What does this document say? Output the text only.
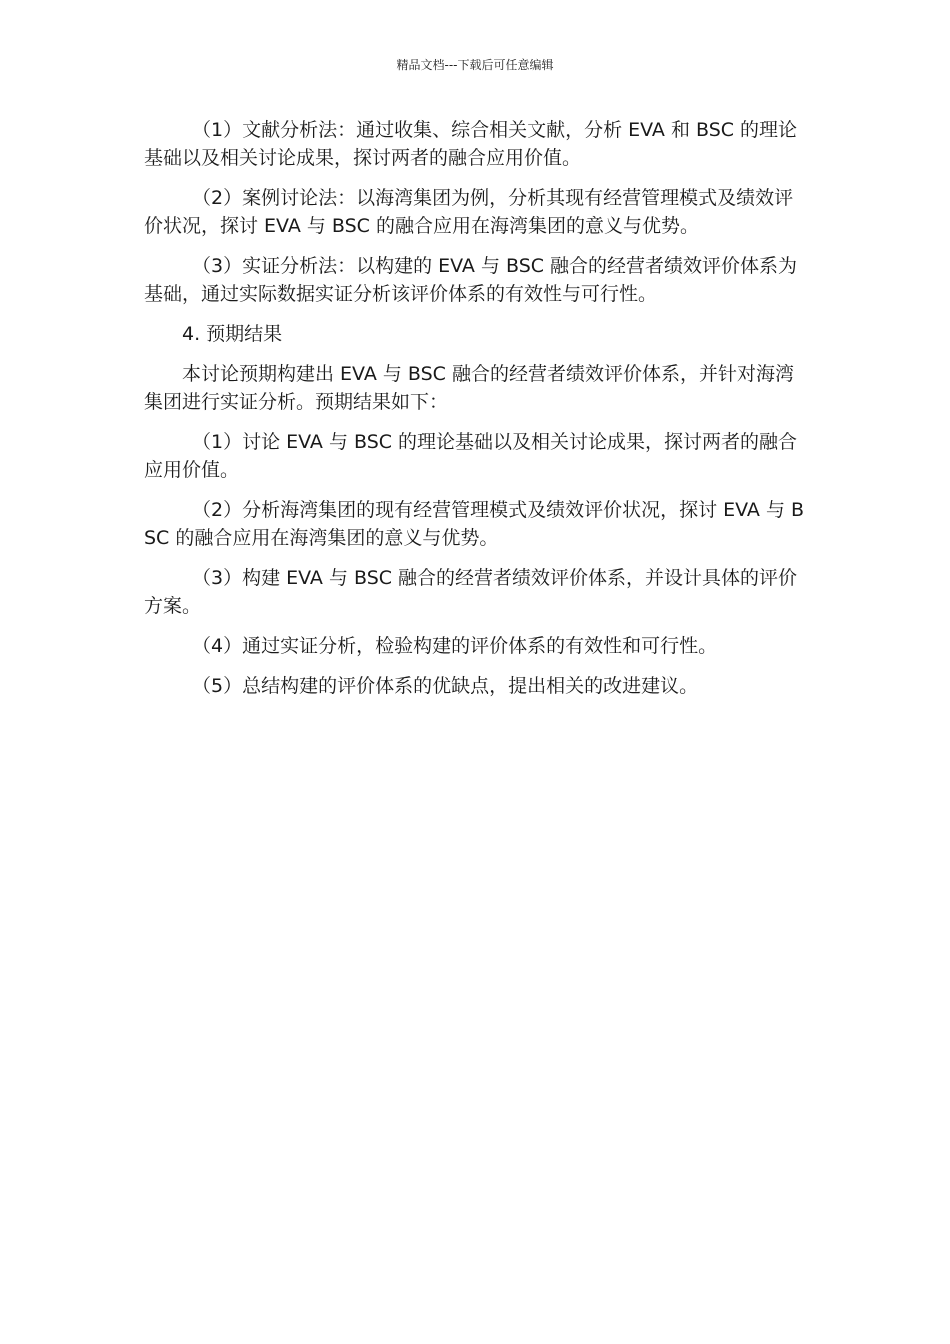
精品文档---下载后可任意编辑

（1）文献分析法：通过收集、综合相关文献，分析 EVA 和 BSC 的理论基础以及相关讨论成果，探讨两者的融合应用价值。

（2）案例讨论法：以海湾集团为例，分析其现有经营管理模式及绩效评价状况，探讨 EVA 与 BSC 的融合应用在海湾集团的意义与优势。

（3）实证分析法：以构建的 EVA 与 BSC 融合的经营者绩效评价体系为基础，通过实际数据实证分析该评价体系的有效性与可行性。

4. 预期结果

本讨论预期构建出 EVA 与 BSC 融合的经营者绩效评价体系，并针对海湾集团进行实证分析。预期结果如下：

（1）讨论 EVA 与 BSC 的理论基础以及相关讨论成果，探讨两者的融合应用价值。

（2）分析海湾集团的现有经营管理模式及绩效评价状况，探讨 EVA 与 BSC 的融合应用在海湾集团的意义与优势。

（3）构建 EVA 与 BSC 融合的经营者绩效评价体系，并设计具体的评价方案。

（4）通过实证分析，检验构建的评价体系的有效性和可行性。

（5）总结构建的评价体系的优缺点，提出相关的改进建议。
